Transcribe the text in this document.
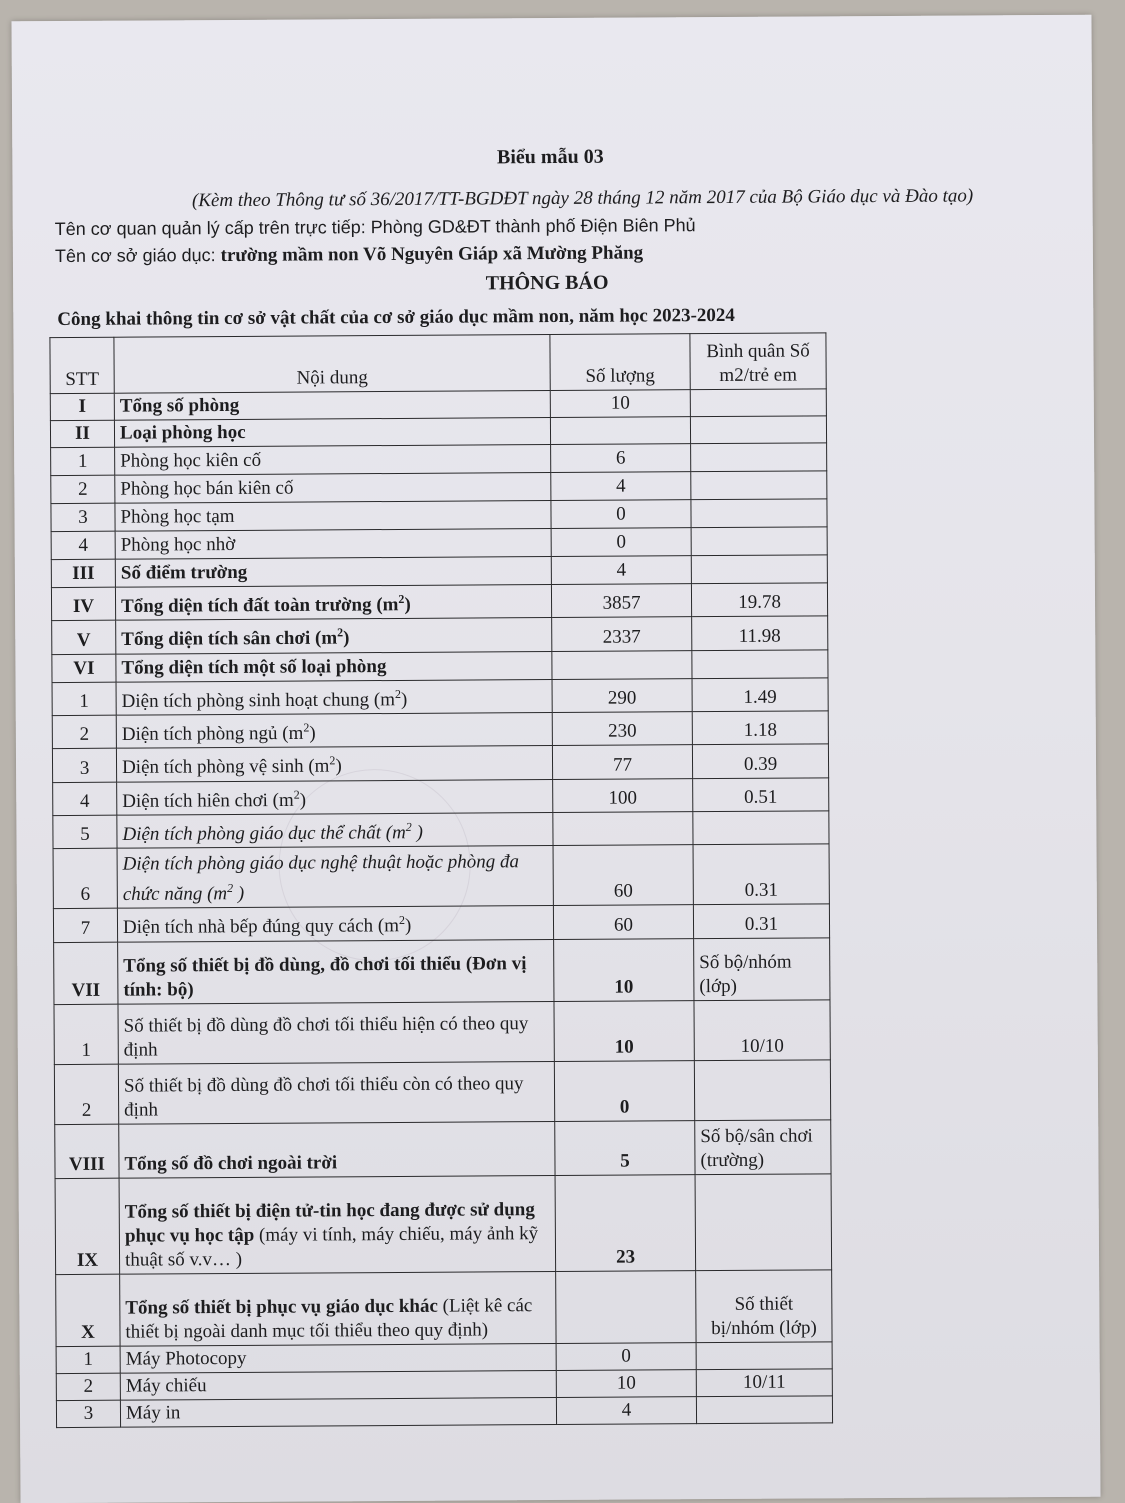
Biểu mẫu 03
(Kèm theo Thông tư số 36/2017/TT-BGDĐT ngày 28 tháng 12 năm 2017 của Bộ Giáo dục và Đào tạo)
Tên cơ quan quản lý cấp trên trực tiếp: Phòng GD&ĐT thành phố Điện Biên Phủ
Tên cơ sở giáo dục: trường mầm non Võ Nguyên Giáp xã Mường Phăng
THÔNG BÁO
Công khai thông tin cơ sở vật chất của cơ sở giáo dục mầm non, năm học 2023-2024
STT	Nội dung	Số lượng	Bình quân Số m2/trẻ em
I	Tổng số phòng	10	
II	Loại phòng học		
1	Phòng học kiên cố	6	
2	Phòng học bán kiên cố	4	
3	Phòng học tạm	0	
4	Phòng học nhờ	0	
III	Số điểm trường	4	
IV	Tổng diện tích đất toàn trường $(m^2)$	3857	19.78
V	Tổng diện tích sân chơi $(m^2)$	2337	11.98
VI	Tổng diện tích một số loại phòng		
1	Diện tích phòng sinh hoạt chung $(m^2)$	290	1.49
2	Diện tích phòng ngủ $(m^2)$	230	1.18
3	Diện tích phòng vệ $\sinh (m^2)$	77	0.39
4	Diện tích hiên chơi $(m^2)$	100	0.51
5	Diện tích phòng giáo dục thể chất ($m^2$ )		
6	Diện tích phòng giáo dục nghệ thuật hoặc phòng đa chức năng ($m^2$ )	60	0.31
7	Diện tích nhà bếp đúng quy cách $(m^2)$	60	0.31
VII	Tổng số thiết bị đồ dùng, đồ chơi tối thiểu (Đơn vị tính: bộ)	10	Số bộ/nhóm (lớp)
1	Số thiết bị đồ dùng đồ chơi tối thiểu hiện có theo quy định	10	10/10
2	Số thiết bị đồ dùng đồ chơi tối thiểu còn có theo quy định	0	
VIII	Tổng số đồ chơi ngoài trời	5	Số bộ/sân chơi (trường)
IX	Tổng số thiết bị điện tử-tin học đang được sử dụng phục vụ học tập (máy vi tính, máy chiếu, máy ảnh kỹ thuật số v.v… )	23	
X	Tổng số thiết bị phục vụ giáo dục khác (Liệt kê các thiết bị ngoài danh mục tối thiểu theo quy định)		Số thiết bị/nhóm (lớp)
1	Máy Photocopy	0	
2	Máy chiếu	10	10/11
3	Máy in	4	
